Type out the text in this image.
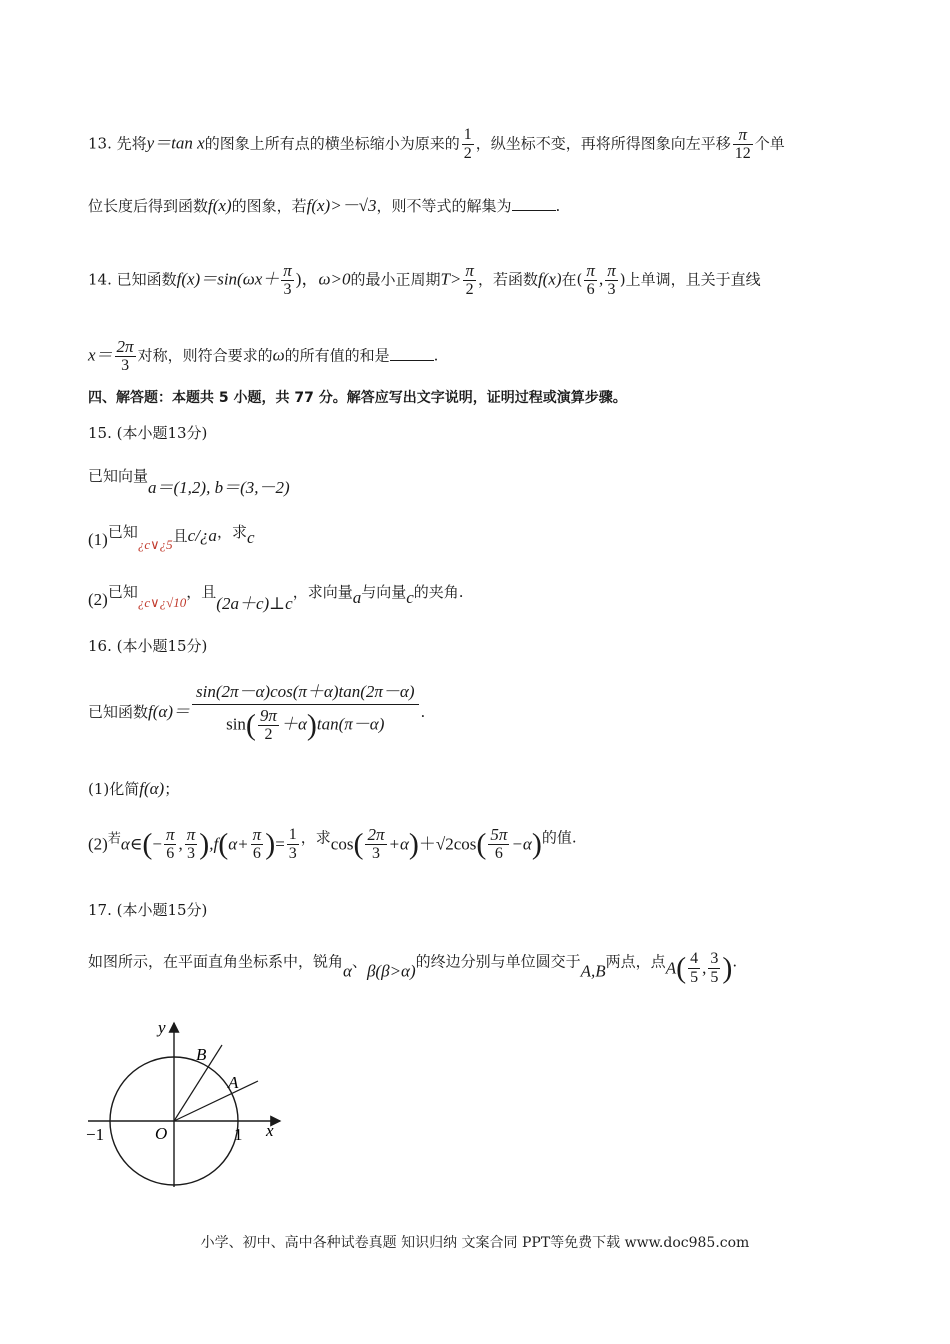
13. 先将y＝tan x的图象上所有点的横坐标缩小为原来的 $\frac{1}{2}$ ，纵坐标不变，再将所得图象向左平移 $\frac{\pi}{12}$ 个单
位长度后得到函数f(x)的图象，若f(x)>－√3，则不等式的解集为	.
14. 已知函数$f(x)=\sin(\omega x+ \frac{\pi}{3}$ )，ω>0的最小正周期$T> \frac{\pi}{2}$ ，若函数f(x)在( $\frac{\pi}{6}$ , $\frac{\pi}{3}$ )上单调，且关于直线
$x= \frac{2\pi}{3}$ 对称，则符合要求的ω的所有值的和是	.
四、解答题：本题共 5 小题，共 77 分。解答应写出文字说明，证明过程或演算步骤。
15. (本小题13分)
已知向量a＝(1,2), b＝(3,－2)
(1)已知¿c∨¿5且c/¿a，求c
(2)已知¿c∨¿√10，且(2a＋c)⊥c，求向量a与向量c的夹角.
16. (本小题15分)
已知函数$f(\alpha)= \frac{\sin(2\pi-\alpha)\cos(\pi+\alpha)\tan(2\pi-\alpha)}{\sin( \frac{9\pi}{2} +\alpha)\tan(\pi-\alpha)}$ .
(1)化简f(α)；
$(2)^若\alpha\in(- \frac{\pi}{6}$ , $\frac{\pi}{3} ),f(\alpha+ \frac{\pi}{6}$ )= $\frac{1}{3}$ ，求$\cos( \frac{2\pi}{3} +\alpha)+√2\cos( \frac{5\pi}{6} -\alpha)$的值.
17. (本小题15分)
如图所示，在平面直角坐标系中，锐角α、β(β>α)的终边分别与单位圆交于A,B两点，点$A( \frac{4}{5}$ , $\frac{3}{5}$ ).
y
x
O
−1	1
A
B
小学、初中、高中各种试卷真题 知识归纳 文案合同 PPT等免费下载 www.doc985.com
